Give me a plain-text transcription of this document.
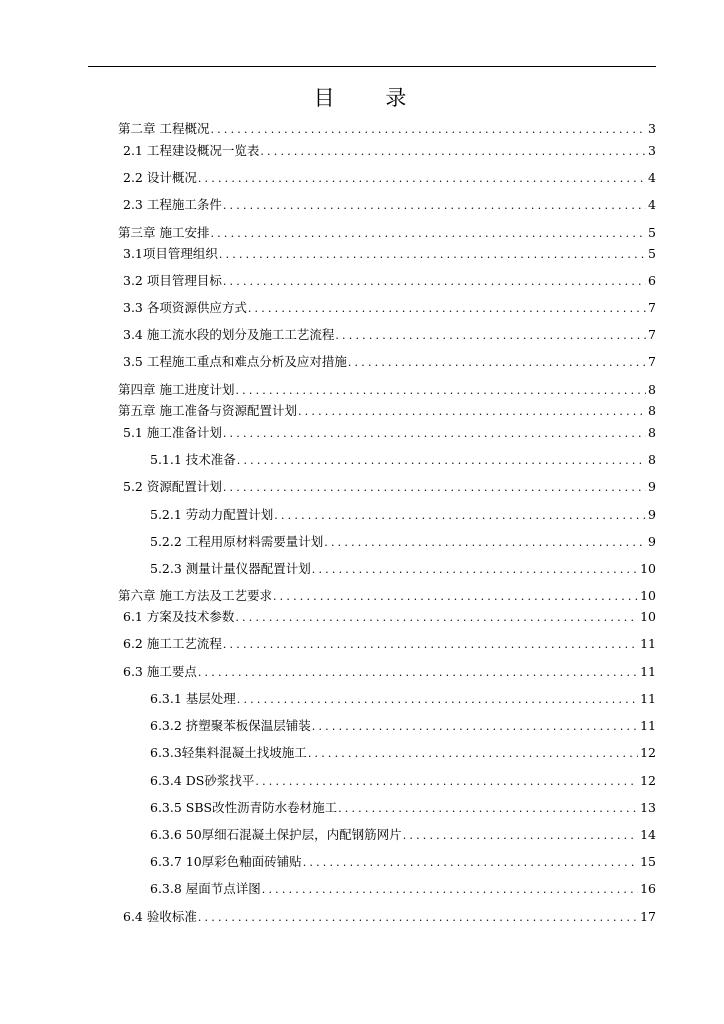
目 录
第二章 工程概况 .....	3
2.1 工程建设概况一览表 .....	3
2.2 设计概况 .....	4
2.3 工程施工条件 .....	4
第三章 施工安排 .....	5
3.1项目管理组织 .....	5
3.2 项目管理目标 .....	6
3.3 各项资源供应方式 .....	7
3.4 施工流水段的划分及施工工艺流程 .....	7
3.5 工程施工重点和难点分析及应对措施 .....	7
第四章 施工进度计划 .....	8
第五章 施工准备与资源配置计划 .....	8
5.1 施工准备计划 .....	8
5.1.1 技术准备 .....	8
5.2 资源配置计划 .....	9
5.2.1 劳动力配置计划 .....	9
5.2.2 工程用原材料需要量计划 .....	9
5.2.3 测量计量仪器配置计划 .....	10
第六章 施工方法及工艺要求 .....	10
6.1 方案及技术参数 .....	10
6.2 施工工艺流程 .....	11
6.3 施工要点 .....	11
6.3.1 基层处理 .....	11
6.3.2 挤塑聚苯板保温层铺装 .....	11
6.3.3轻集料混凝土找坡施工 .....	12
6.3.4 DS砂浆找平 .....	12
6.3.5 SBS改性沥青防水卷材施工 .....	13
6.3.6 50厚细石混凝土保护层，内配钢筋网片 .....	14
6.3.7 10厚彩色釉面砖铺贴 .....	15
6.3.8 屋面节点详图 .....	16
6.4 验收标准 .....	17
